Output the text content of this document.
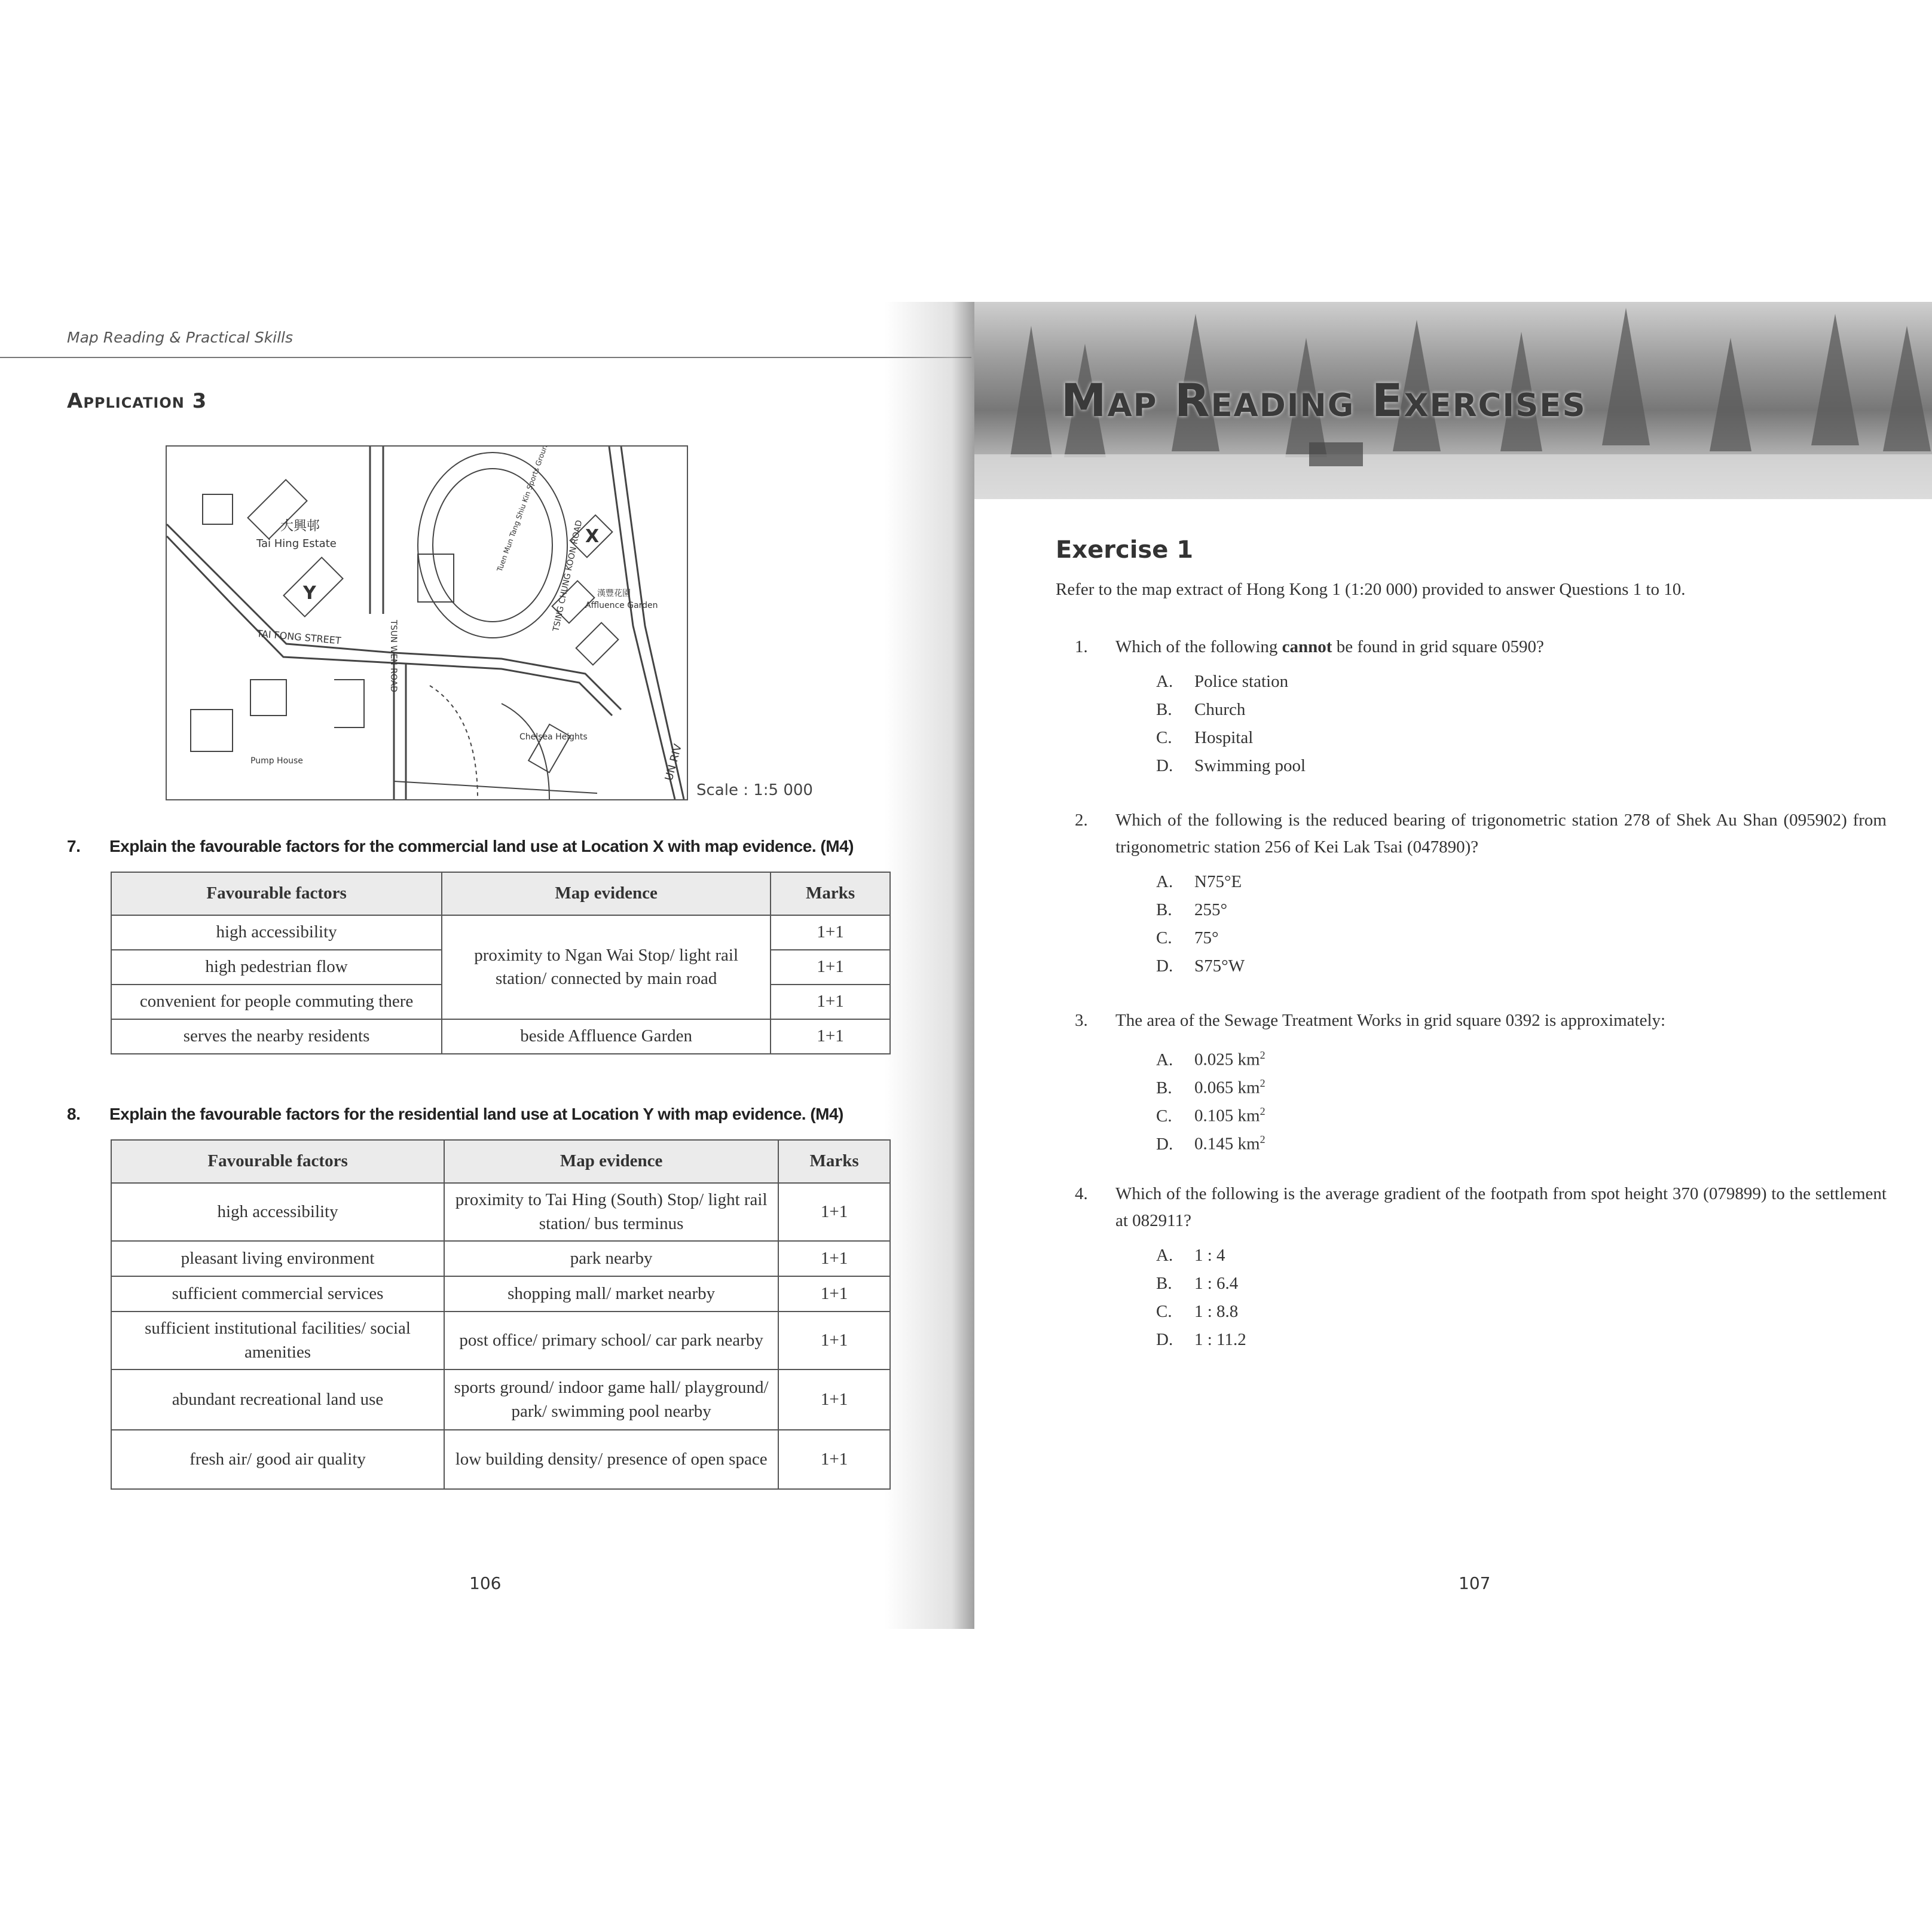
Map Reading & Practical Skills
Application 3
大興邨
Tai Hing Estate
TAI FONG STREET
漢豐花園
Affluence Garden
Chelsea Heights
Pump House
TSING CHUNG KOON ROAD
TSUN WEN ROAD
Tuen Mun Tang Shiu Kin Sports Ground
UN RIV
X
Y
Scale : 1:5 000
7. Explain the favourable factors for the commercial land use at Location X with map evidence. (M4)
Favourable factors	Map evidence	Marks
high accessibility	proximity to Ngan Wai Stop/ light rail station/ connected by main road	1+1
high pedestrian flow		1+1
convenient for people commuting there		1+1
serves the nearby residents	beside Affluence Garden	1+1
8. Explain the favourable factors for the residential land use at Location Y with map evidence. (M4)
Favourable factors	Map evidence	Marks
high accessibility	proximity to Tai Hing (South) Stop/ light rail station/ bus terminus	1+1
pleasant living environment	park nearby	1+1
sufficient commercial services	shopping mall/ market nearby	1+1
sufficient institutional facilities/ social amenities	post office/ primary school/ car park nearby	1+1
abundant recreational land use	sports ground/ indoor game hall/ playground/ park/ swimming pool nearby	1+1
fresh air/ good air quality	low building density/ presence of open space	1+1
106
Map Reading Exercises
Exercise 1
Refer to the map extract of Hong Kong 1 (1:20 000) provided to answer Questions 1 to 10.
1. Which of the following cannot be found in grid square 0590?
A. Police station
B. Church
C. Hospital
D. Swimming pool
2. Which of the following is the reduced bearing of trigonometric station 278 of Shek Au Shan (095902) from trigonometric station 256 of Kei Lak Tsai (047890)?
A. N75°E
B. 255°
C. 75°
D. S75°W
3. The area of the Sewage Treatment Works in grid square 0392 is approximately:
A. 0.025 $km^2$
B. 0.065 $km^2$
C. 0.105 $km^2$
D. 0.145 $km^2$
4. Which of the following is the average gradient of the footpath from spot height 370 (079899) to the settlement at 082911?
A. 1 : 4
B. 1 : 6.4
C. 1 : 8.8
D. 1 : 11.2
107
